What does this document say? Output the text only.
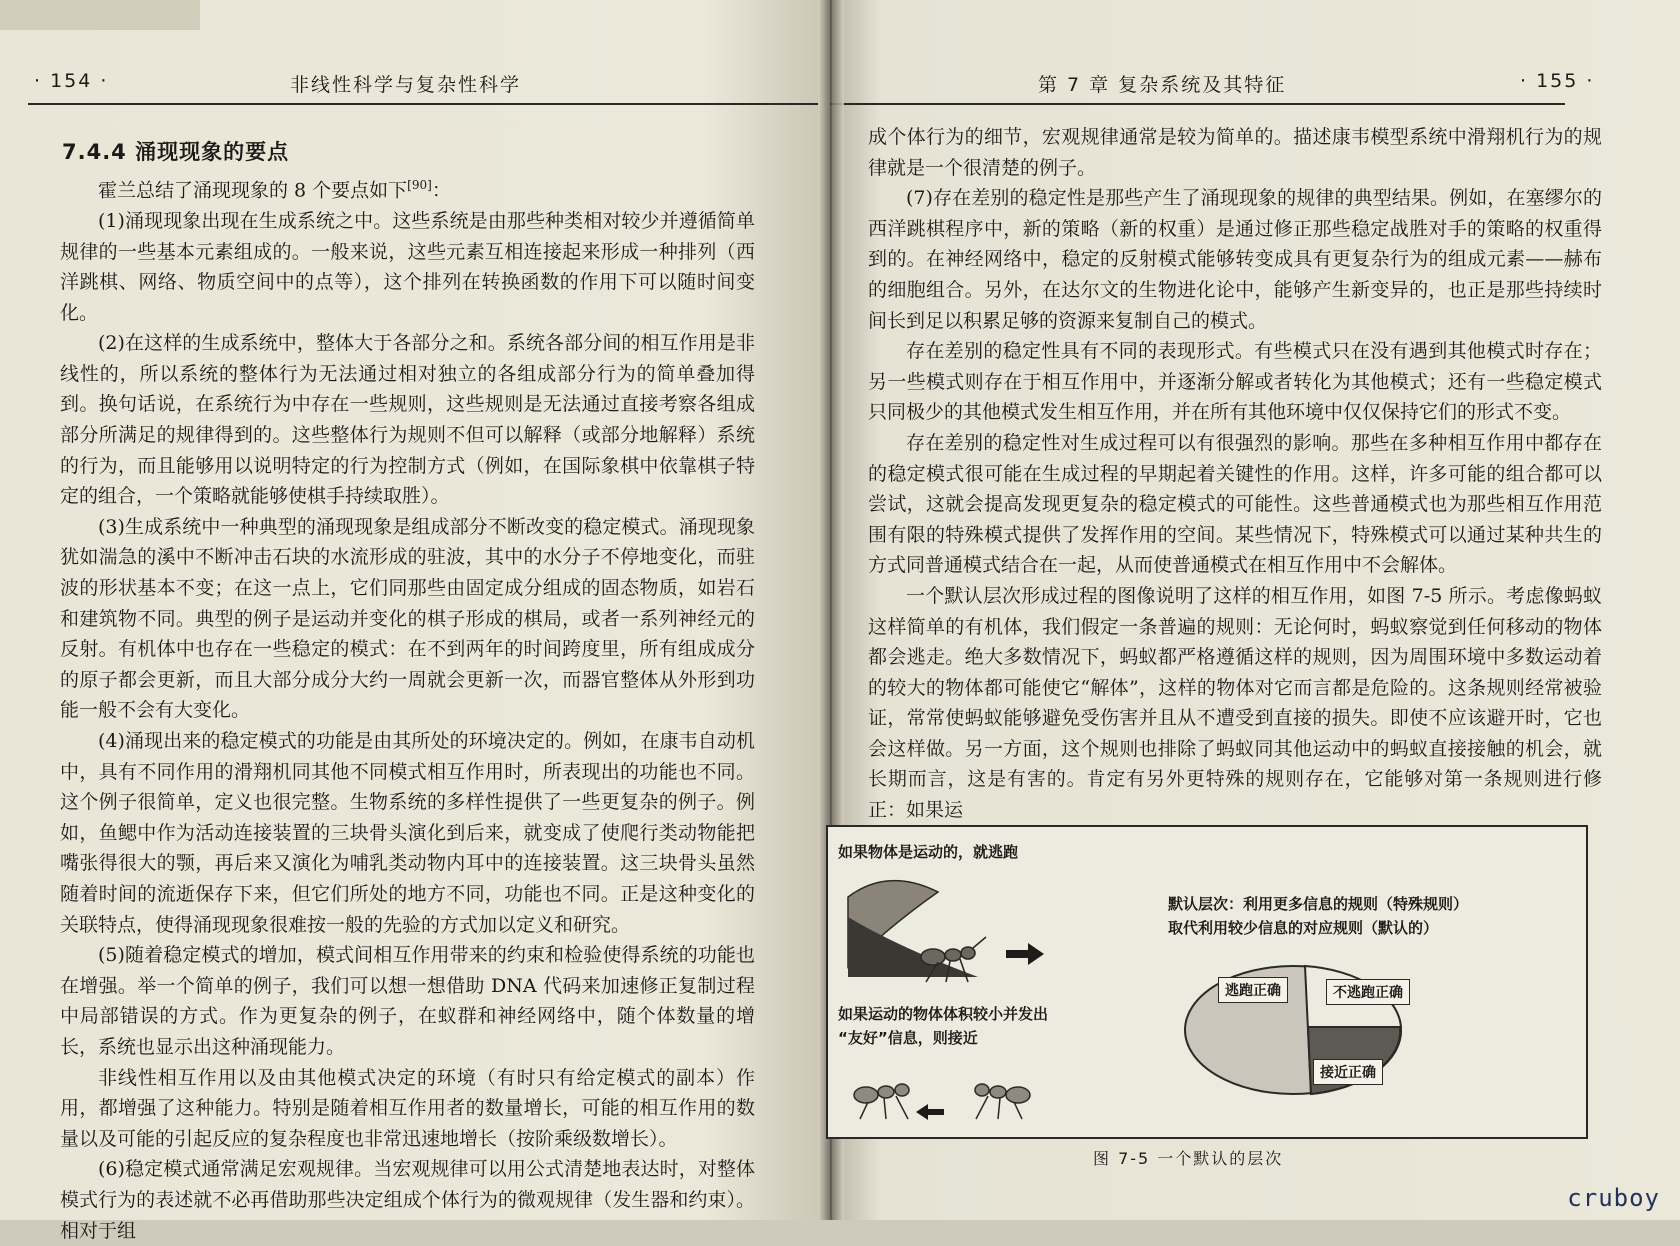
· 154 ·	非线性科学与复杂性科学
7.4.4 涌现现象的要点

霍兰总结了涌现现象的 8 个要点如下[90]：

(1)涌现现象出现在生成系统之中。这些系统是由那些种类相对较少并遵循简单规律的一些基本元素组成的。一般来说，这些元素互相连接起来形成一种排列（西洋跳棋、网络、物质空间中的点等），这个排列在转换函数的作用下可以随时间变化。

(2)在这样的生成系统中，整体大于各部分之和。系统各部分间的相互作用是非线性的，所以系统的整体行为无法通过相对独立的各组成部分行为的简单叠加得到。换句话说，在系统行为中存在一些规则，这些规则是无法通过直接考察各组成部分所满足的规律得到的。这些整体行为规则不但可以解释（或部分地解释）系统的行为，而且能够用以说明特定的行为控制方式（例如，在国际象棋中依靠棋子特定的组合，一个策略就能够使棋手持续取胜）。

(3)生成系统中一种典型的涌现现象是组成部分不断改变的稳定模式。涌现现象犹如湍急的溪中不断冲击石块的水流形成的驻波，其中的水分子不停地变化，而驻波的形状基本不变；在这一点上，它们同那些由固定成分组成的固态物质，如岩石和建筑物不同。典型的例子是运动并变化的棋子形成的棋局，或者一系列神经元的反射。有机体中也存在一些稳定的模式：在不到两年的时间跨度里，所有组成成分的原子都会更新，而且大部分成分大约一周就会更新一次，而器官整体从外形到功能一般不会有大变化。

(4)涌现出来的稳定模式的功能是由其所处的环境决定的。例如，在康韦自动机中，具有不同作用的滑翔机同其他不同模式相互作用时，所表现出的功能也不同。这个例子很简单，定义也很完整。生物系统的多样性提供了一些更复杂的例子。例如，鱼鳃中作为活动连接装置的三块骨头演化到后来，就变成了使爬行类动物能把嘴张得很大的颚，再后来又演化为哺乳类动物内耳中的连接装置。这三块骨头虽然随着时间的流逝保存下来，但它们所处的地方不同，功能也不同。正是这种变化的关联特点，使得涌现现象很难按一般的先验的方式加以定义和研究。

(5)随着稳定模式的增加，模式间相互作用带来的约束和检验使得系统的功能也在增强。举一个简单的例子，我们可以想一想借助 DNA 代码来加速修正复制过程中局部错误的方式。作为更复杂的例子，在蚁群和神经网络中，随个体数量的增长，系统也显示出这种涌现能力。

非线性相互作用以及由其他模式决定的环境（有时只有给定模式的副本）作用，都增强了这种能力。特别是随着相互作用者的数量增长，可能的相互作用的数量以及可能的引起反应的复杂程度也非常迅速地增长（按阶乘级数增长）。

(6)稳定模式通常满足宏观规律。当宏观规律可以用公式清楚地表达时，对整体模式行为的表述就不必再借助那些决定组成个体行为的微观规律（发生器和约束）。相对于组

第 7 章 复杂系统及其特征	· 155 ·

成个体行为的细节，宏观规律通常是较为简单的。描述康韦模型系统中滑翔机行为的规律就是一个很清楚的例子。

(7)存在差别的稳定性是那些产生了涌现现象的规律的典型结果。例如，在塞缪尔的西洋跳棋程序中，新的策略（新的权重）是通过修正那些稳定战胜对手的策略的权重得到的。在神经网络中，稳定的反射模式能够转变成具有更复杂行为的组成元素——赫布的细胞组合。另外，在达尔文的生物进化论中，能够产生新变异的，也正是那些持续时间长到足以积累足够的资源来复制自己的模式。

存在差别的稳定性具有不同的表现形式。有些模式只在没有遇到其他模式时存在；另一些模式则存在于相互作用中，并逐渐分解或者转化为其他模式；还有一些稳定模式只同极少的其他模式发生相互作用，并在所有其他环境中仅仅保持它们的形式不变。

存在差别的稳定性对生成过程可以有很强烈的影响。那些在多种相互作用中都存在的稳定模式很可能在生成过程的早期起着关键性的作用。这样，许多可能的组合都可以尝试，这就会提高发现更复杂的稳定模式的可能性。这些普通模式也为那些相互作用范围有限的特殊模式提供了发挥作用的空间。某些情况下，特殊模式可以通过某种共生的方式同普通模式结合在一起，从而使普通模式在相互作用中不会解体。

一个默认层次形成过程的图像说明了这样的相互作用，如图 7-5 所示。考虑像蚂蚁这样简单的有机体，我们假定一条普遍的规则：无论何时，蚂蚁察觉到任何移动的物体都会逃走。绝大多数情况下，蚂蚁都严格遵循这样的规则，因为周围环境中多数运动着的较大的物体都可能使它“解体”，这样的物体对它而言都是危险的。这条规则经常被验证，常常使蚂蚁能够避免受伤害并且从不遭受到直接的损失。即使不应该避开时，它也会这样做。另一方面，这个规则也排除了蚂蚁同其他运动中的蚂蚁直接接触的机会，就长期而言，这是有害的。肯定有另外更特殊的规则存在，它能够对第一条规则进行修正：如果运

如果物体是运动的，就逃跑
默认层次：利用更多信息的规则（特殊规则）
取代利用较少信息的对应规则（默认的）
逃跑正确	不逃跑正确
接近正确
如果运动的物体体积较小并发出
“友好”信息，则接近
图 7-5 一个默认的层次
cruboy
